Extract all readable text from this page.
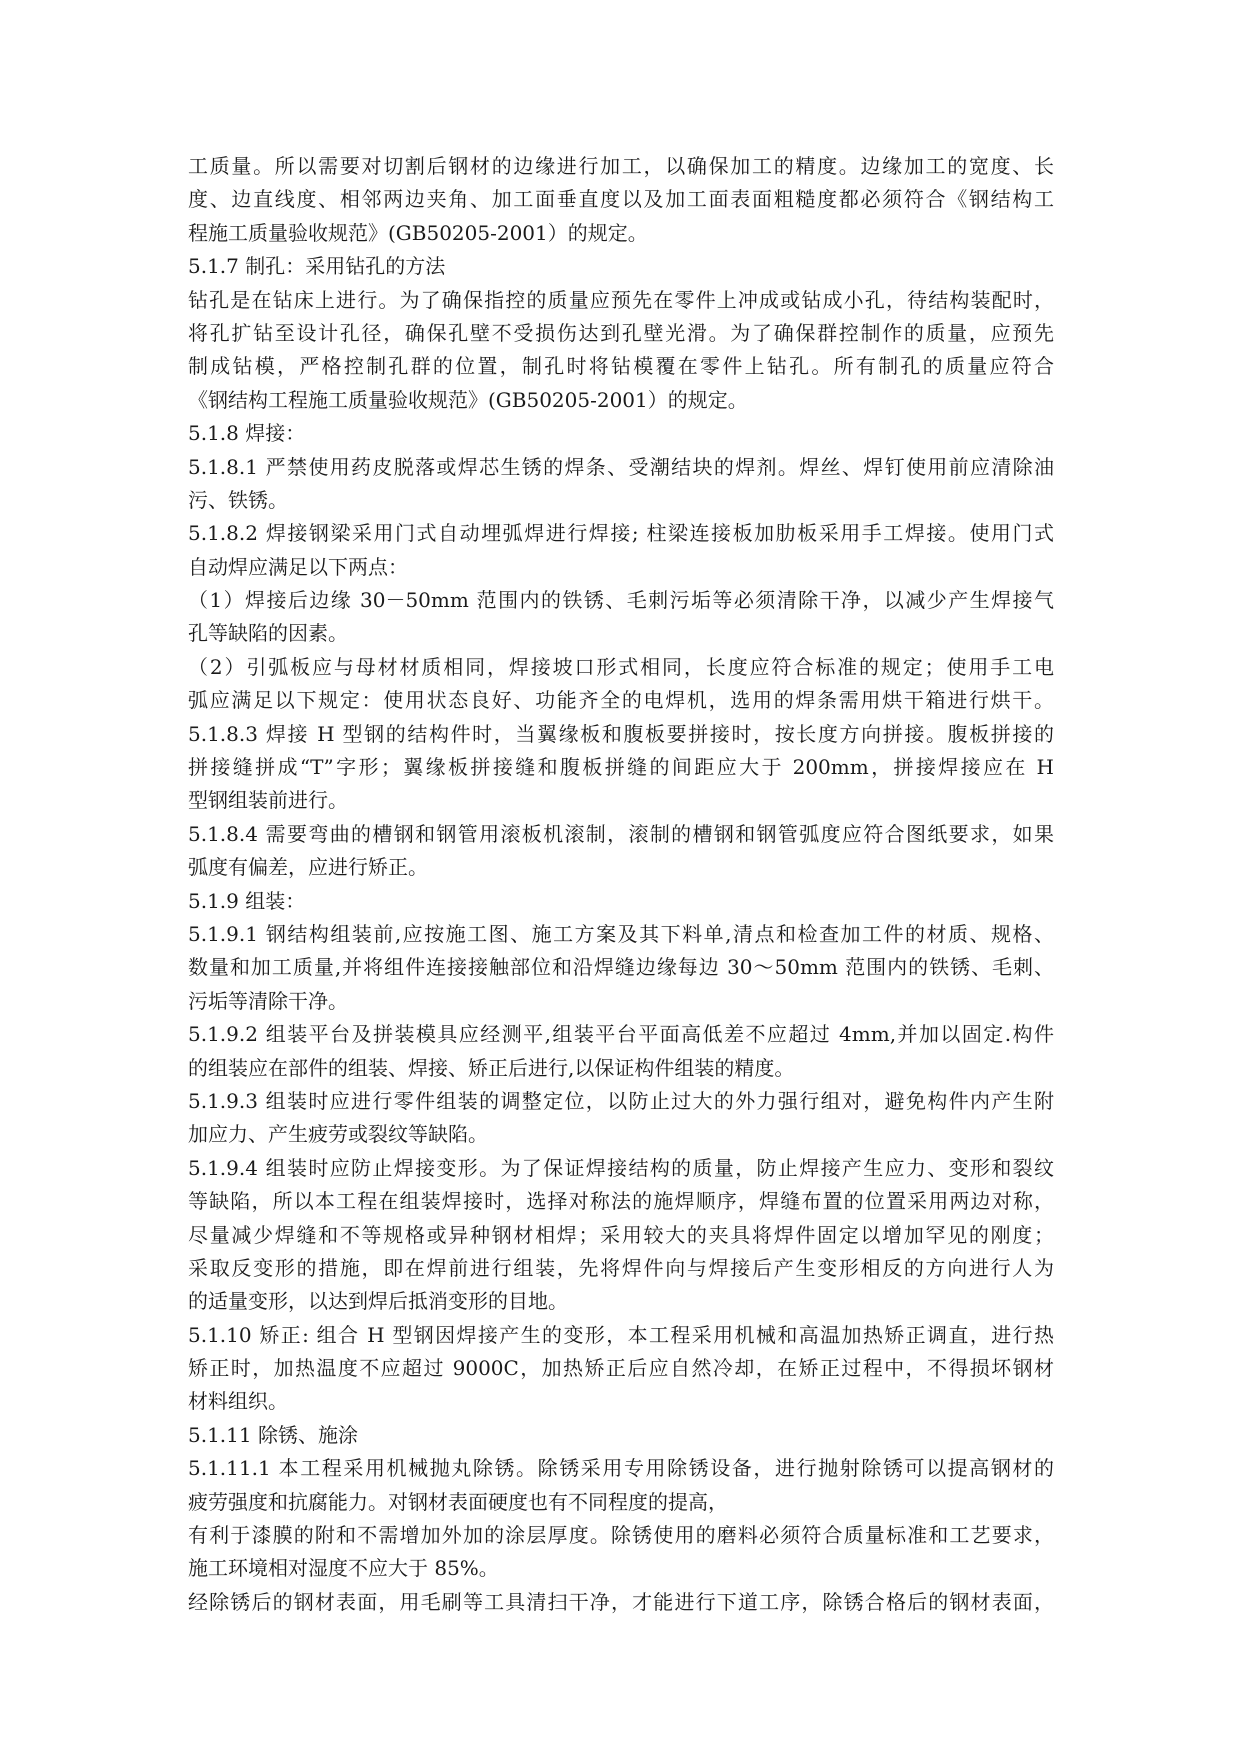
工质量。所以需要对切割后钢材的边缘进行加工，以确保加工的精度。边缘加工的宽度、长
度、边直线度、相邻两边夹角、加工面垂直度以及加工面表面粗糙度都必须符合《钢结构工
程施工质量验收规范》(GB50205-2001）的规定。
5.1.7 制孔：采用钻孔的方法
钻孔是在钻床上进行。为了确保指控的质量应预先在零件上冲成或钻成小孔，待结构装配时，
将孔扩钻至设计孔径，确保孔壁不受损伤达到孔壁光滑。为了确保群控制作的质量，应预先
制成钻模，严格控制孔群的位置，制孔时将钻模覆在零件上钻孔。所有制孔的质量应符合
《钢结构工程施工质量验收规范》(GB50205-2001）的规定。
5.1.8 焊接：
5.1.8.1 严禁使用药皮脱落或焊芯生锈的焊条、受潮结块的焊剂。焊丝、焊钉使用前应清除油
污、铁锈。
5.1.8.2 焊接钢梁采用门式自动埋弧焊进行焊接; 柱梁连接板加肋板采用手工焊接。使用门式
自动焊应满足以下两点：
（1）焊接后边缘 30－50mm 范围内的铁锈、毛刺污垢等必须清除干净，以减少产生焊接气
孔等缺陷的因素。
（2）引弧板应与母材材质相同，焊接坡口形式相同，长度应符合标准的规定；使用手工电
弧应满足以下规定：使用状态良好、功能齐全的电焊机，选用的焊条需用烘干箱进行烘干。
5.1.8.3 焊接 H 型钢的结构件时，当翼缘板和腹板要拼接时，按长度方向拼接。腹板拼接的
拼接缝拼成“T”字形；翼缘板拼接缝和腹板拼缝的间距应大于 200mm，拼接焊接应在 H
型钢组装前进行。
5.1.8.4 需要弯曲的槽钢和钢管用滚板机滚制，滚制的槽钢和钢管弧度应符合图纸要求，如果
弧度有偏差，应进行矫正。
5.1.9 组装：
5.1.9.1 钢结构组装前,应按施工图、施工方案及其下料单,清点和检查加工件的材质、规格、
数量和加工质量,并将组件连接接触部位和沿焊缝边缘每边 30～50mm 范围内的铁锈、毛刺、
污垢等清除干净。
5.1.9.2 组装平台及拼装模具应经测平,组装平台平面高低差不应超过 4mm,并加以固定.构件
的组装应在部件的组装、焊接、矫正后进行,以保证构件组装的精度。
5.1.9.3 组装时应进行零件组装的调整定位，以防止过大的外力强行组对，避免构件内产生附
加应力、产生疲劳或裂纹等缺陷。
5.1.9.4 组装时应防止焊接变形。为了保证焊接结构的质量，防止焊接产生应力、变形和裂纹
等缺陷，所以本工程在组装焊接时，选择对称法的施焊顺序，焊缝布置的位置采用两边对称，
尽量减少焊缝和不等规格或异种钢材相焊；采用较大的夹具将焊件固定以增加罕见的刚度；
采取反变形的措施，即在焊前进行组装，先将焊件向与焊接后产生变形相反的方向进行人为
的适量变形，以达到焊后抵消变形的目地。
5.1.10 矫正: 组合 H 型钢因焊接产生的变形，本工程采用机械和高温加热矫正调直，进行热
矫正时，加热温度不应超过 9000C，加热矫正后应自然冷却，在矫正过程中，不得损坏钢材
材料组织。
5.1.11 除锈、施涂
5.1.11.1 本工程采用机械抛丸除锈。除锈采用专用除锈设备，进行抛射除锈可以提高钢材的
疲劳强度和抗腐能力。对钢材表面硬度也有不同程度的提高，
有利于漆膜的附和不需增加外加的涂层厚度。除锈使用的磨料必须符合质量标准和工艺要求，
施工环境相对湿度不应大于 85%。
经除锈后的钢材表面，用毛刷等工具清扫干净，才能进行下道工序，除锈合格后的钢材表面，
